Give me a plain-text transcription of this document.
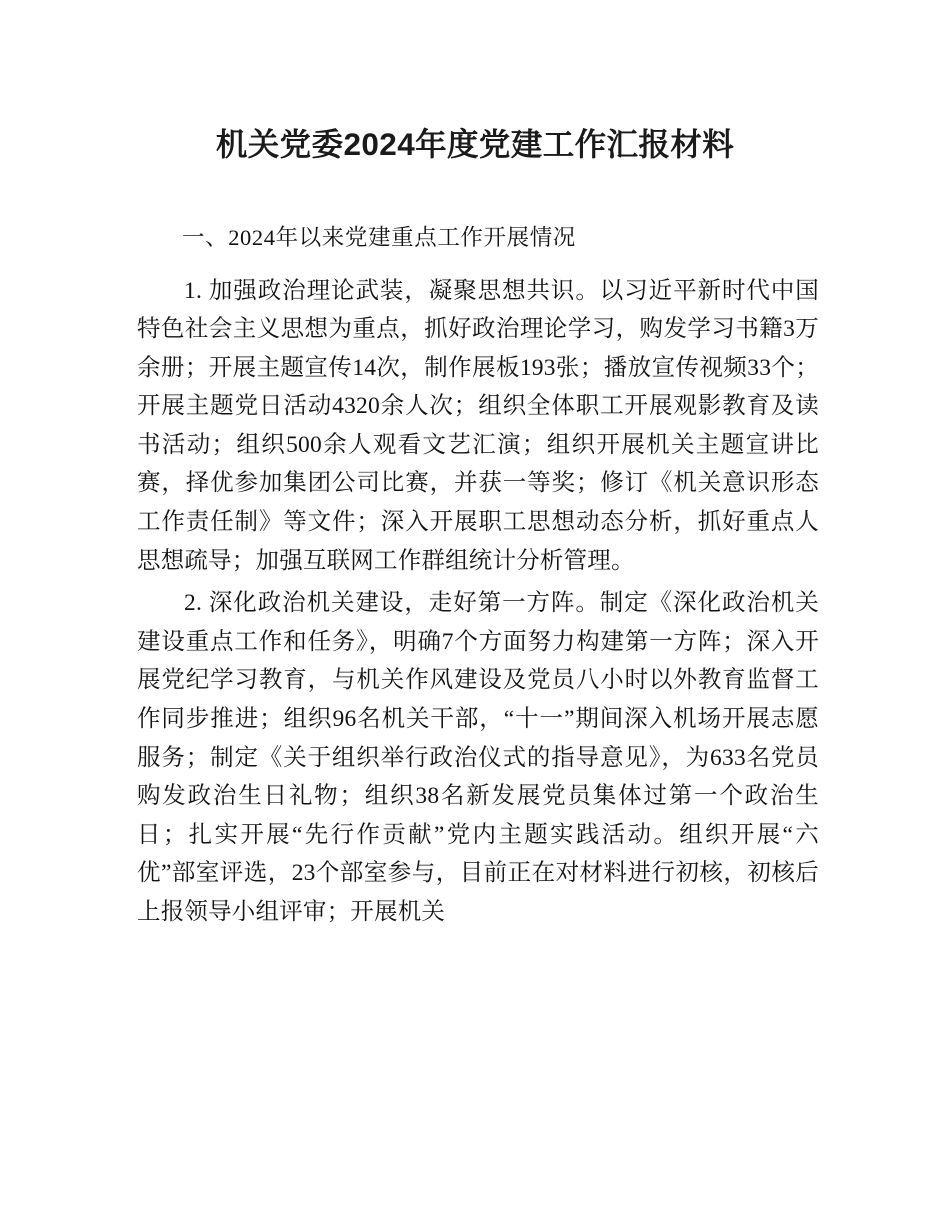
机关党委2024年度党建工作汇报材料

一、2024年以来党建重点工作开展情况

1. 加强政治理论武装，凝聚思想共识。以习近平新时代中国特色社会主义思想为重点，抓好政治理论学习，购发学习书籍3万余册；开展主题宣传14次，制作展板193张；播放宣传视频33个；开展主题党日活动4320余人次；组织全体职工开展观影教育及读书活动；组织500余人观看文艺汇演；组织开展机关主题宣讲比赛，择优参加集团公司比赛，并获一等奖；修订《机关意识形态工作责任制》等文件；深入开展职工思想动态分析，抓好重点人思想疏导；加强互联网工作群组统计分析管理。

2. 深化政治机关建设，走好第一方阵。制定《深化政治机关建设重点工作和任务》，明确7个方面努力构建第一方阵；深入开展党纪学习教育，与机关作风建设及党员八小时以外教育监督工作同步推进；组织96名机关干部，“十一”期间深入机场开展志愿服务；制定《关于组织举行政治仪式的指导意见》，为633名党员购发政治生日礼物；组织38名新发展党员集体过第一个政治生日；扎实开展“先行作贡献”党内主题实践活动。组织开展“六优”部室评选，23个部室参与，目前正在对材料进行初核，初核后上报领导小组评审；开展机关
